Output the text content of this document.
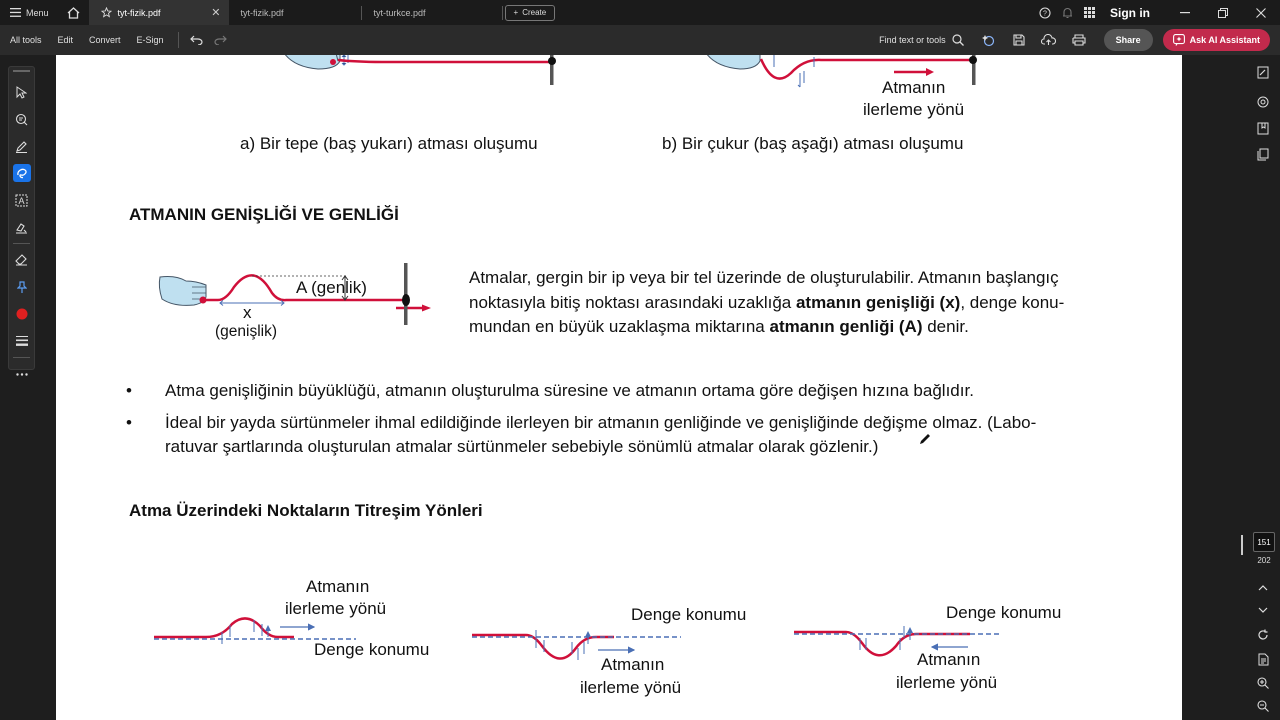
Menu	tyt-fizik.pdf	✕ tyt-fizik.pdf	tyt-turkce.pdf	+ Create	?	Sign in
All tools	Edit	Convert	E-Sign	Find text or tools	Share	Ask AI Assistant
A
Atmanın
ilerleme yönü
a) Bir tepe (baş yukarı) atması oluşumu	b) Bir çukur (baş aşağı) atması oluşumu
ATMANIN GENİŞLİĞİ VE GENLİĞİ
A (genlik)
x
(genişlik)
Atmalar, gergin bir ip veya bir tel üzerinde de oluşturulabilir. Atmanın başlangıç
noktasıyla bitiş noktası arasındaki uzaklığa atmanın genişliği (x), denge konu-
mundan en büyük uzaklaşma miktarına atmanın genliği (A) denir.
• Atma genişliğinin büyüklüğü, atmanın oluşturulma süresine ve atmanın ortama göre değişen hızına bağlıdır.
• İdeal bir yayda sürtünmeler ihmal edildiğinde ilerleyen bir atmanın genliğinde ve genişliğinde değişme olmaz. (Labo-
ratuvar şartlarında oluşturulan atmalar sürtünmeler sebebiyle sönümlü atmalar olarak gözlenir.)
Atma Üzerindeki Noktaların Titreşim Yönleri
Atmanın
ilerleme yönü
Denge konumu
Denge konumu
Atmanın
ilerleme yönü
Denge konumu
Atmanın
ilerleme yönü
151
202
